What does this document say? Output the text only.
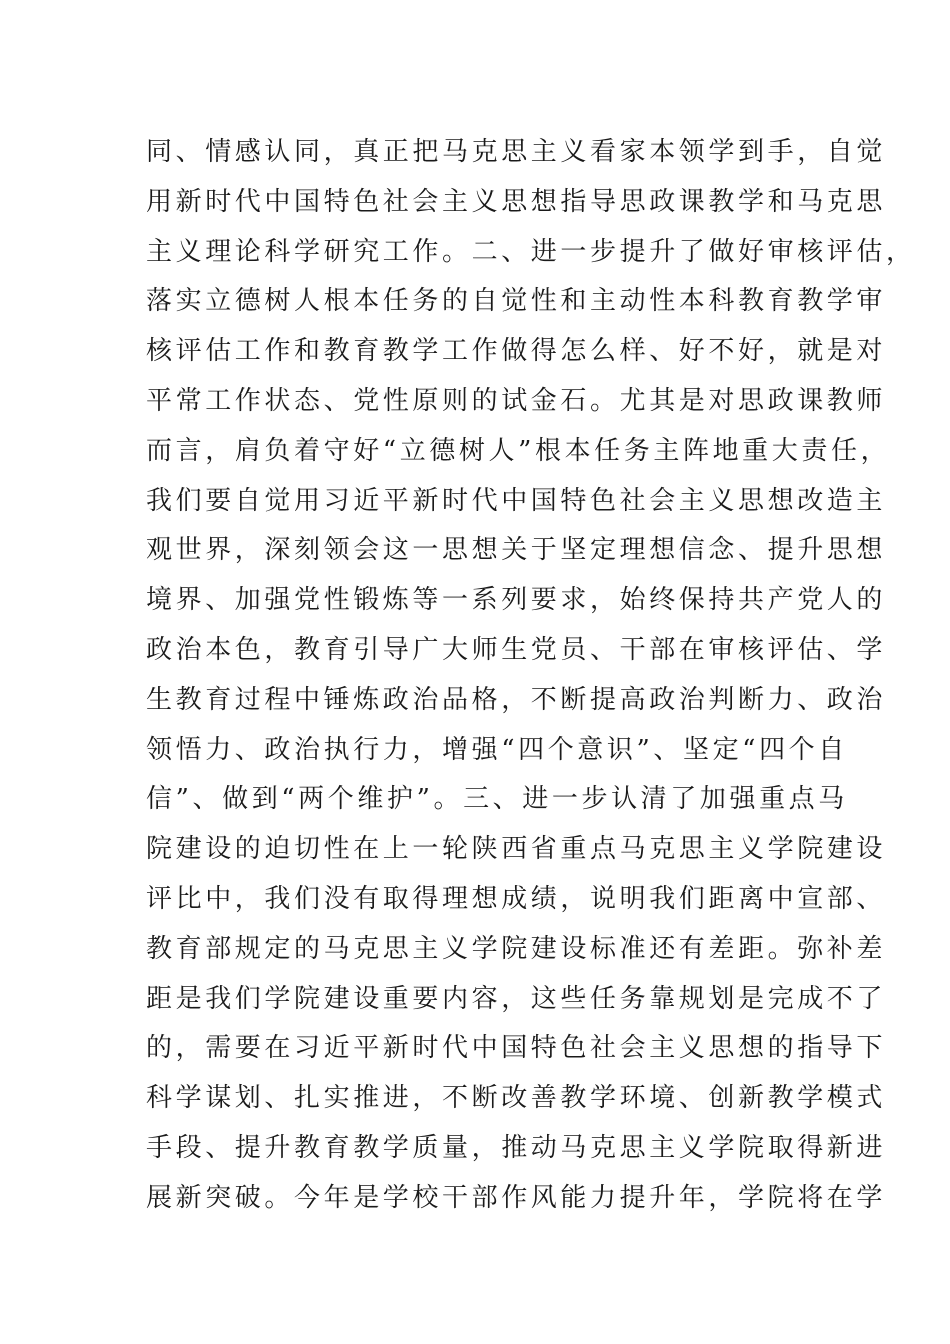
同、情感认同，真正把马克思主义看家本领学到手，自觉
用新时代中国特色社会主义思想指导思政课教学和马克思
主义理论科学研究工作。二、进一步提升了做好审核评估，
落实立德树人根本任务的自觉性和主动性本科教育教学审
核评估工作和教育教学工作做得怎么样、好不好，就是对
平常工作状态、党性原则的试金石。尤其是对思政课教师
而言，肩负着守好“立德树人”根本任务主阵地重大责任，
我们要自觉用习近平新时代中国特色社会主义思想改造主
观世界，深刻领会这一思想关于坚定理想信念、提升思想
境界、加强党性锻炼等一系列要求，始终保持共产党人的
政治本色，教育引导广大师生党员、干部在审核评估、学
生教育过程中锤炼政治品格，不断提高政治判断力、政治
领悟力、政治执行力，增强“四个意识”、坚定“四个自
信”、做到“两个维护”。三、进一步认清了加强重点马
院建设的迫切性在上一轮陕西省重点马克思主义学院建设
评比中，我们没有取得理想成绩，说明我们距离中宣部、
教育部规定的马克思主义学院建设标准还有差距。弥补差
距是我们学院建设重要内容，这些任务靠规划是完成不了
的，需要在习近平新时代中国特色社会主义思想的指导下
科学谋划、扎实推进，不断改善教学环境、创新教学模式
手段、提升教育教学质量，推动马克思主义学院取得新进
展新突破。今年是学校干部作风能力提升年，学院将在学
